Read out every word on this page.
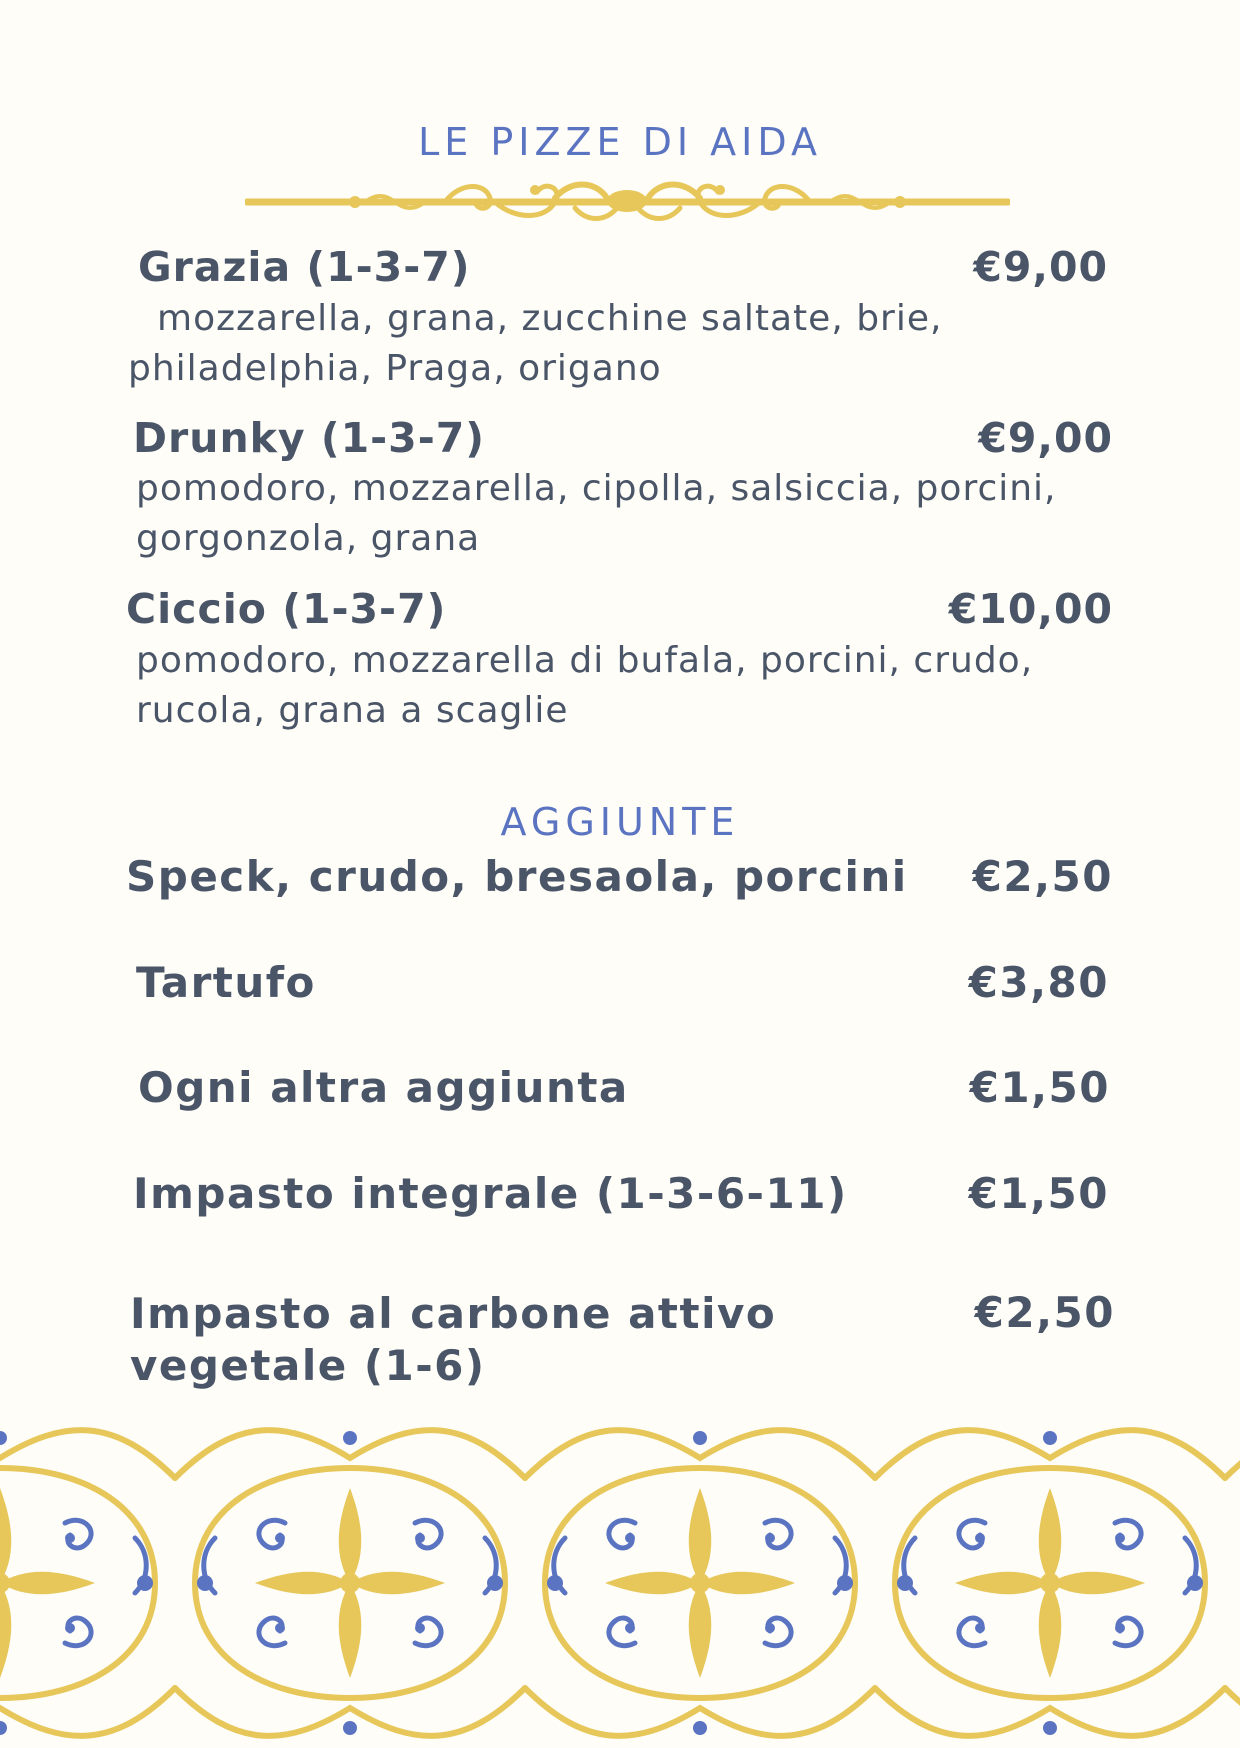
LE PIZZE DI AIDA
Grazia (1-3-7)	€9,00
mozzarella, grana, zucchine saltate, brie,
philadelphia, Praga, origano
Drunky (1-3-7)	€9,00
pomodoro, mozzarella, cipolla, salsiccia, porcini,
gorgonzola, grana
Ciccio (1-3-7)	€10,00
pomodoro, mozzarella di bufala, porcini, crudo,
rucola, grana a scaglie
AGGIUNTE
Speck, crudo, bresaola, porcini €2,50
Tartufo	€3,80
Ogni altra aggiunta	€1,50
Impasto integrale (1-3-6-11)	€1,50
Impasto al carbone attivo vegetale (1-6)
€2,50
